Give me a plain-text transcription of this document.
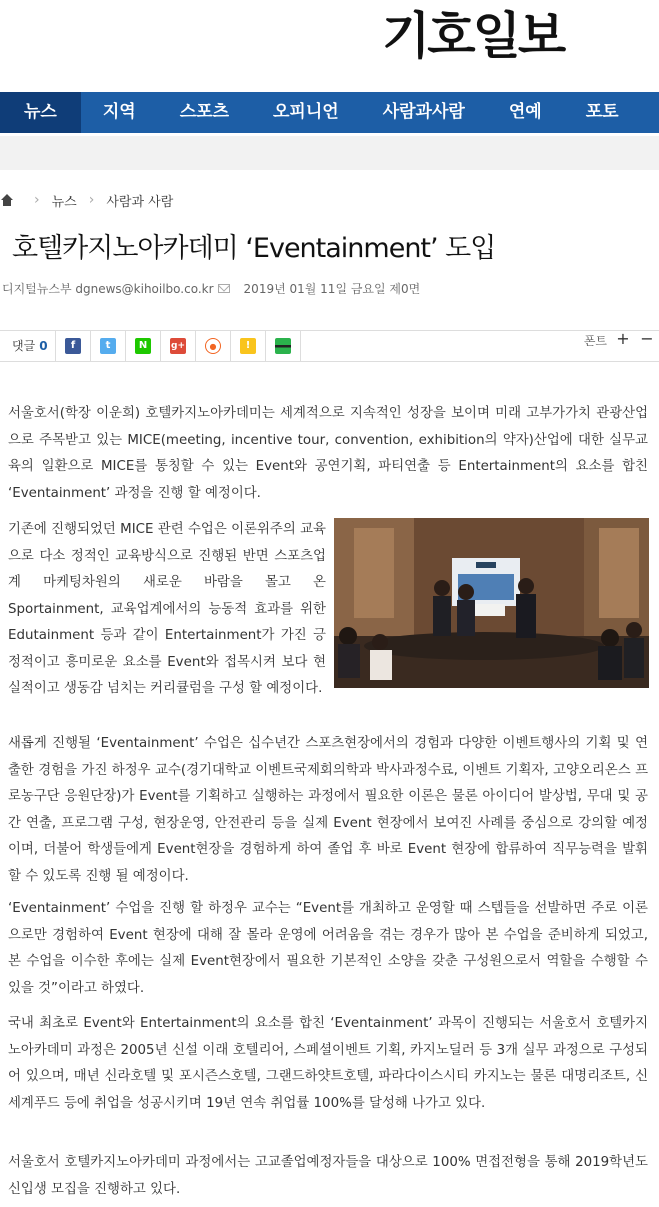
기호일보
뉴스	지역	스포츠	오피니언	사람과사람	연예	포토
› 뉴스 › 사람과 사람
호텔카지노아카데미 ‘Eventainment’ 도입
디지털뉴스부 dgnews@kihoilbo.co.kr	2019년 01월 11일 금요일 제0면
댓글 0	f	t	N	g+	●	!	폰트 + −

서울호서(학장 이운희) 호텔카지노아카데미는 세계적으로 지속적인 성장을 보이며 미래 고부가가치 관광산업으로 주목받고 있는 MICE(meeting, incentive tour, convention, exhibition의 약자)산업에 대한 실무교육의 일환으로 MICE를 통칭할 수 있는 Event와 공연기획, 파티연출 등 Entertainment의 요소를 합친 ‘Eventainment’ 과정을 진행 할 예정이다.

기존에 진행되었던 MICE 관련 수업은 이론위주의 교육으로 다소 정적인 교육방식으로 진행된 반면 스포츠업계 마케팅차원의 새로운 바람을 몰고 온 Sportainment, 교육업계에서의 능동적 효과를 위한 Edutainment 등과 같이 Entertainment가 가진 긍정적이고 흥미로운 요소를 Event와 접목시켜 보다 현실적이고 생동감 넘치는 커리큘럼을 구성 할 예정이다.

새롭게 진행될 ‘Eventainment’ 수업은 십수년간 스포츠현장에서의 경험과 다양한 이벤트행사의 기획 및 연출한 경험을 가진 하정우 교수(경기대학교 이벤트국제회의학과 박사과정수료, 이벤트 기획자, 고양오리온스 프로농구단 응원단장)가 Event를 기획하고 실행하는 과정에서 필요한 이론은 물론 아이디어 발상법, 무대 및 공간 연출, 프로그램 구성, 현장운영, 안전관리 등을 실제 Event 현장에서 보여진 사례를 중심으로 강의할 예정이며, 더불어 학생들에게 Event현장을 경험하게 하여 졸업 후 바로 Event 현장에 합류하여 직무능력을 발휘 할 수 있도록 진행 될 예정이다.

‘Eventainment’ 수업을 진행 할 하정우 교수는 “Event를 개최하고 운영할 때 스텝들을 선발하면 주로 이론으로만 경험하여 Event 현장에 대해 잘 몰라 운영에 어려움을 겪는 경우가 많아 본 수업을 준비하게 되었고, 본 수업을 이수한 후에는 실제 Event현장에서 필요한 기본적인 소양을 갖춘 구성원으로서 역할을 수행할 수 있을 것”이라고 하였다.

국내 최초로 Event와 Entertainment의 요소를 합친 ‘Eventainment’ 과목이 진행되는 서울호서 호텔카지노아카데미 과정은 2005년 신설 이래 호텔리어, 스페셜이벤트 기획, 카지노딜러 등 3개 실무 과정으로 구성되어 있으며, 매년 신라호텔 및 포시즌스호텔, 그랜드하얏트호텔, 파라다이스시티 카지노는 물론 대명리조트, 신세계푸드 등에 취업을 성공시키며 19년 연속 취업률 100%를 달성해 나가고 있다.

서울호서 호텔카지노아카데미 과정에서는 고교졸업예정자들을 대상으로 100% 면접전형을 통해 2019학년도 신입생 모집을 진행하고 있다.
